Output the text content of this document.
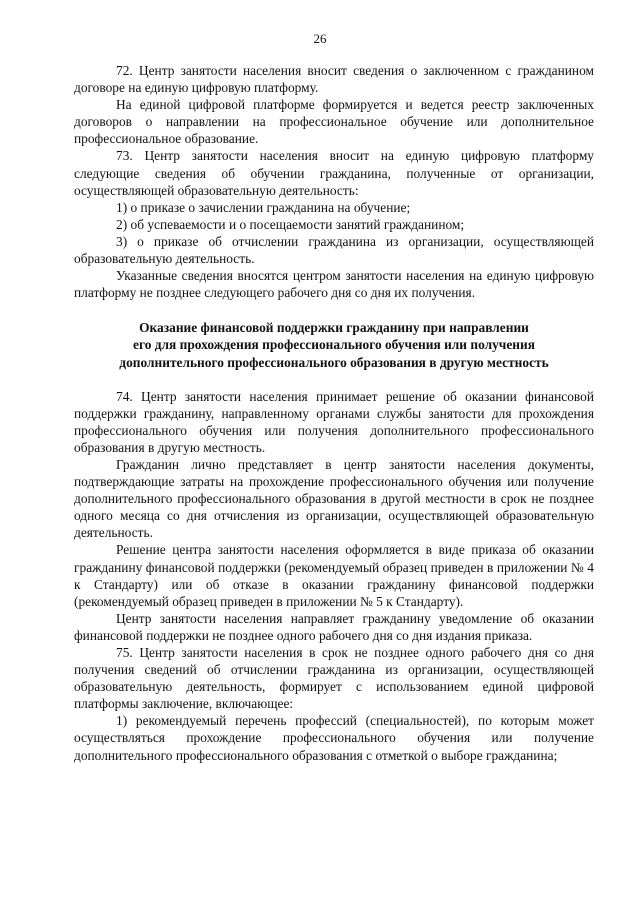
26

72. Центр занятости населения вносит сведения о заключенном с гражданином договоре на единую цифровую платформу.

На единой цифровой платформе формируется и ведется реестр заключенных договоров о направлении на профессиональное обучение или дополнительное профессиональное образование.

73. Центр занятости населения вносит на единую цифровую платформу следующие сведения об обучении гражданина, полученные от организации, осуществляющей образовательную деятельность:

1) о приказе о зачислении гражданина на обучение;

2) об успеваемости и о посещаемости занятий гражданином;

3) о приказе об отчислении гражданина из организации, осуществляющей образовательную деятельность.

Указанные сведения вносятся центром занятости населения на единую цифровую платформу не позднее следующего рабочего дня со дня их получения.

Оказание финансовой поддержки гражданину при направлении
его для прохождения профессионального обучения или получения
дополнительного профессионального образования в другую местность

74. Центр занятости населения принимает решение об оказании финансовой поддержки гражданину, направленному органами службы занятости для прохождения профессионального обучения или получения дополнительного профессионального образования в другую местность.

Гражданин лично представляет в центр занятости населения документы, подтверждающие затраты на прохождение профессионального обучения или получение дополнительного профессионального образования в другой местности в срок не позднее одного месяца со дня отчисления из организации, осуществляющей образовательную деятельность.

Решение центра занятости населения оформляется в виде приказа об оказании гражданину финансовой поддержки (рекомендуемый образец приведен в приложении № 4 к Стандарту) или об отказе в оказании гражданину финансовой поддержки (рекомендуемый образец приведен в приложении № 5 к Стандарту).

Центр занятости населения направляет гражданину уведомление об оказании финансовой поддержки не позднее одного рабочего дня со дня издания приказа.

75. Центр занятости населения в срок не позднее одного рабочего дня со дня получения сведений об отчислении гражданина из организации, осуществляющей образовательную деятельность, формирует с использованием единой цифровой платформы заключение, включающее:

1) рекомендуемый перечень профессий (специальностей), по которым может осуществляться прохождение профессионального обучения или получение дополнительного профессионального образования с отметкой о выборе гражданина;
